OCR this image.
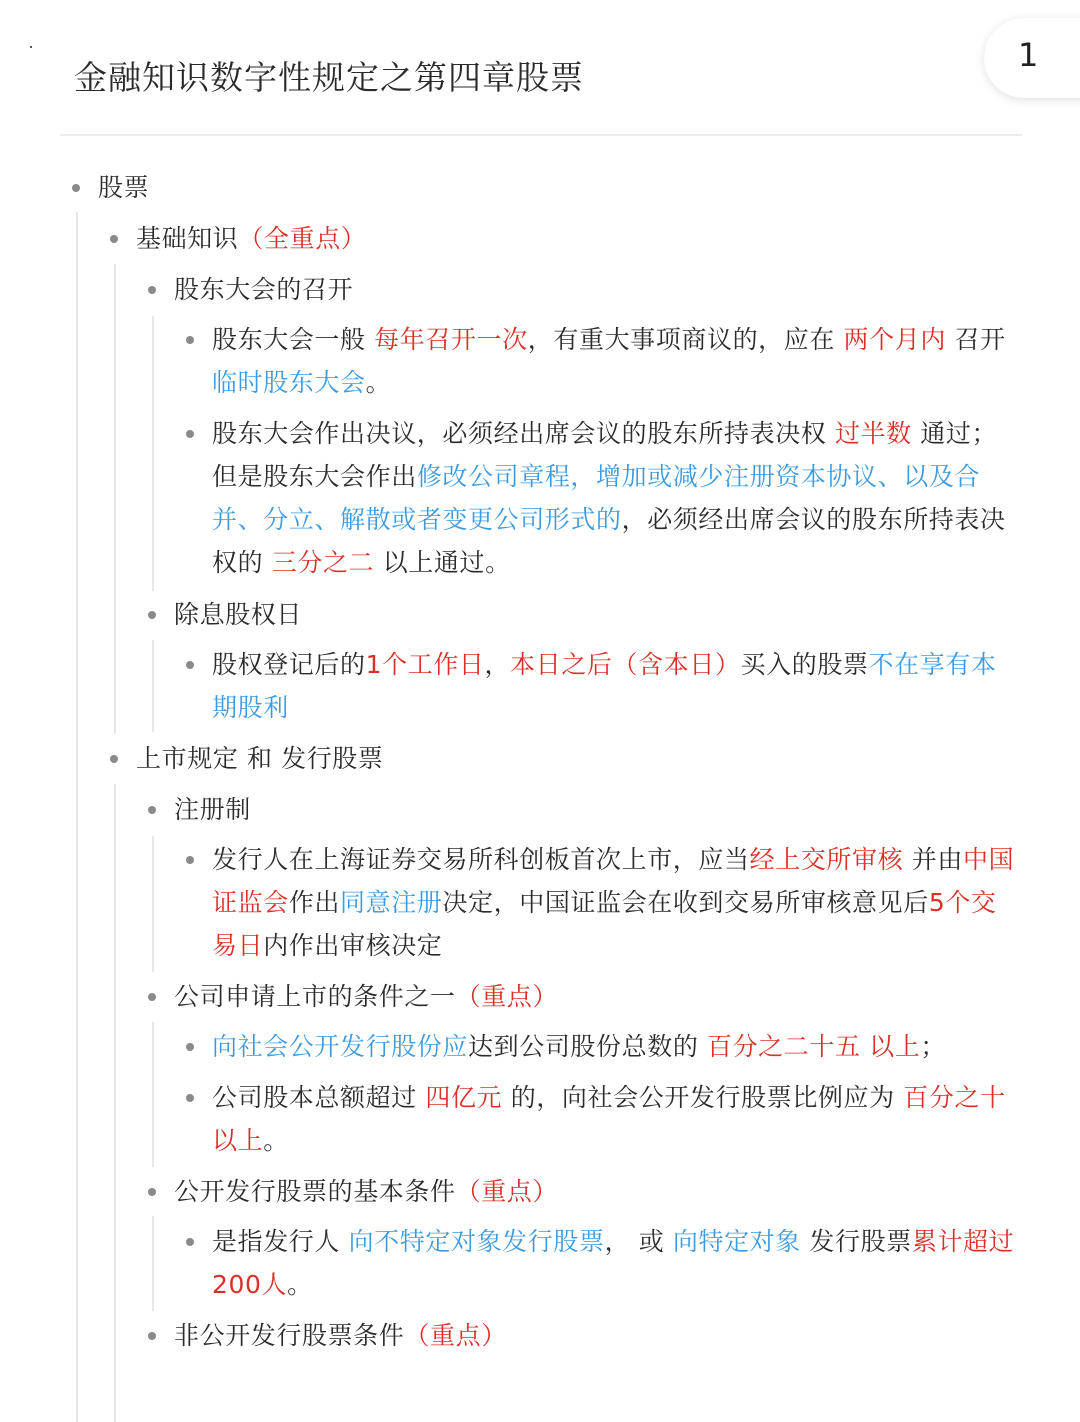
1
金融知识数字性规定之第四章股票
股票
基础知识（全重点）
股东大会的召开
股东大会一般 每年召开一次，有重大事项商议的，应在 两个月内 召开临时股东大会。
股东大会作出决议，必须经出席会议的股东所持表决权 过半数 通过；但是股东大会作出修改公司章程，增加或减少注册资本协议、以及合并、分立、解散或者变更公司形式的，必须经出席会议的股东所持表决权的 三分之二 以上通过。
除息股权日
股权登记后的1个工作日，本日之后（含本日）买入的股票不在享有本期股利
上市规定 和 发行股票
注册制
发行人在上海证券交易所科创板首次上市，应当经上交所审核 并由中国证监会作出同意注册决定，中国证监会在收到交易所审核意见后5个交易日内作出审核决定
公司申请上市的条件之一（重点）
向社会公开发行股份应达到公司股份总数的 百分之二十五 以上；
公司股本总额超过 四亿元 的，向社会公开发行股票比例应为 百分之十 以上。
公开发行股票的基本条件（重点）
是指发行人 向不特定对象发行股票， 或 向特定对象 发行股票累计超过200人。
非公开发行股票条件（重点）
